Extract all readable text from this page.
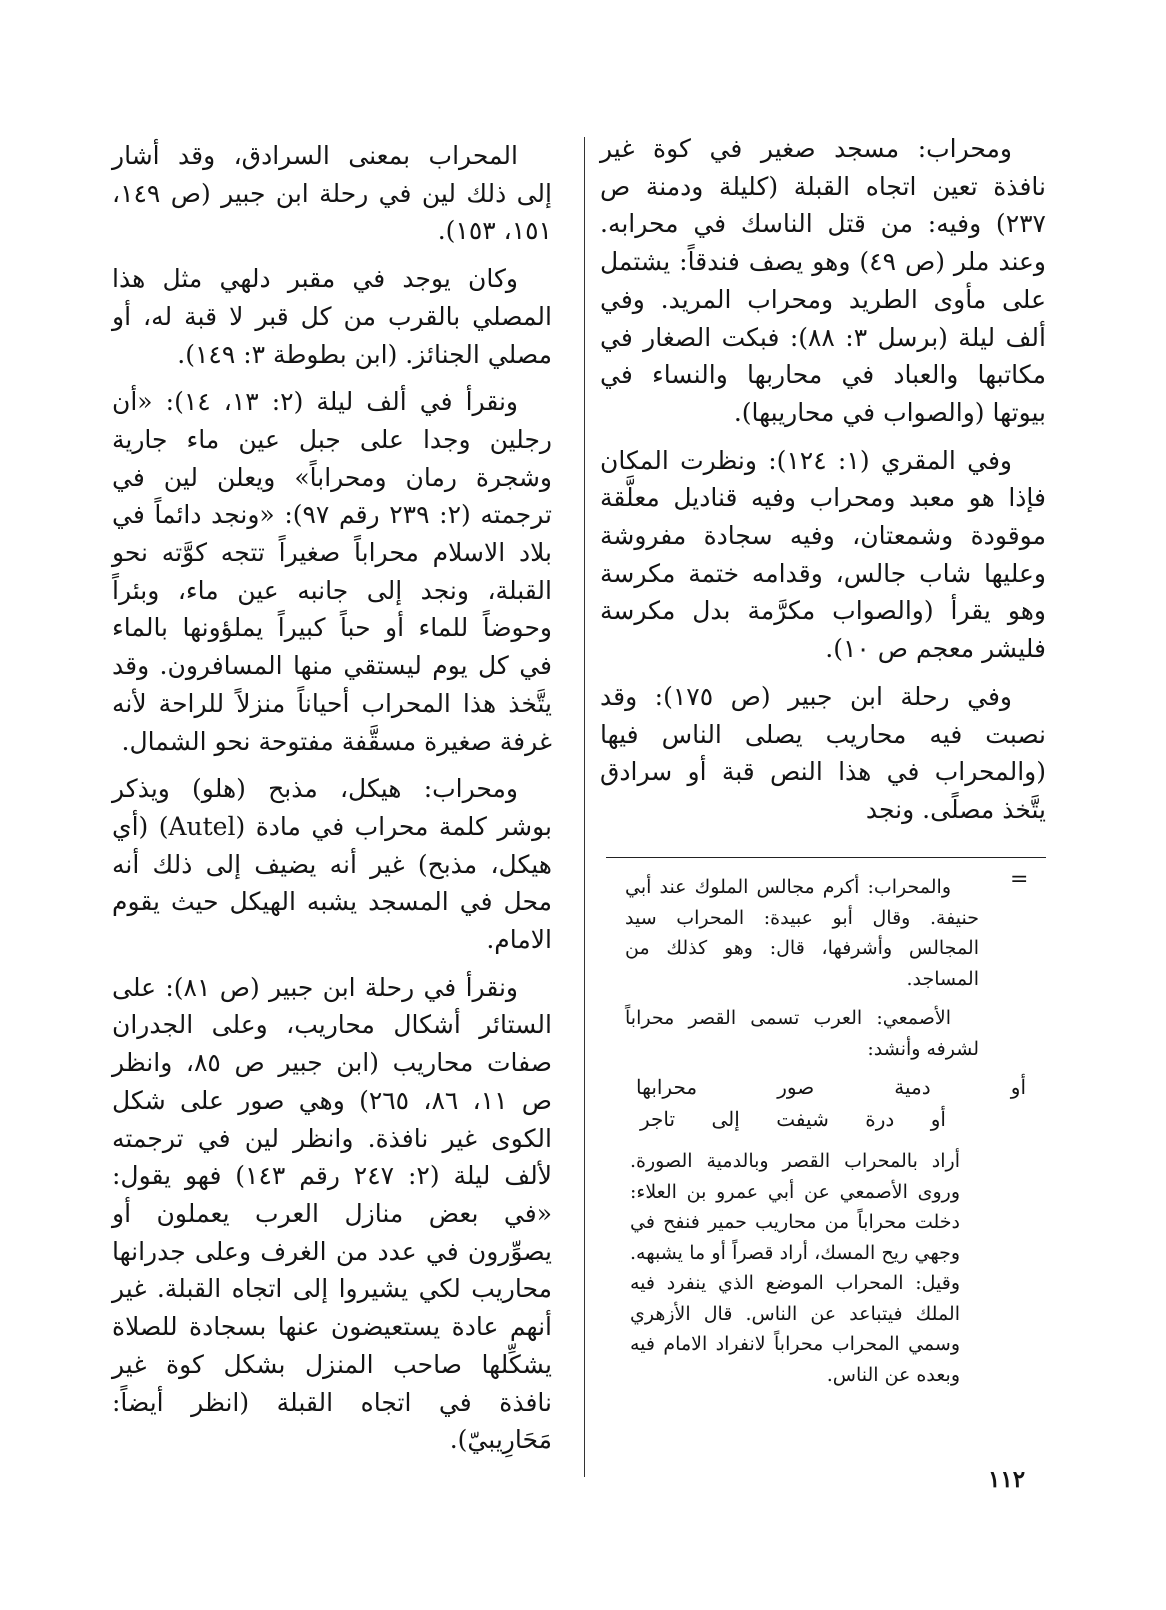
ومحراب: مسجد صغير في كوة غير نافذة تعين اتجاه القبلة (كليلة ودمنة ص ٢٣٧) وفيه: من قتل الناسك في محرابه. وعند ملر (ص ٤٩) وهو يصف فندقاً: يشتمل على مأوى الطريد ومحراب المريد. وفي ألف ليلة (برسل ٣: ٨٨): فبكت الصغار في مكاتبها والعباد في محاربها والنساء في بيوتها (والصواب في محاريبها).

وفي المقري (١: ١٢٤): ونظرت المكان فإذا هو معبد ومحراب وفيه قناديل معلَّقة موقودة وشمعتان، وفيه سجادة مفروشة وعليها شاب جالس، وقدامه ختمة مكرسة وهو يقرأ (والصواب مكرَّمة بدل مكرسة فليشر معجم ص ١٠).

وفي رحلة ابن جبير (ص ١٧٥): وقد نصبت فيه محاريب يصلى الناس فيها (والمحراب في هذا النص قبة أو سرادق يتَّخذ مصلًى. ونجد

المحراب بمعنى السرادق، وقد أشار إلى ذلك لين في رحلة ابن جبير (ص ١٤٩، ١٥١، ١٥٣).

وكان يوجد في مقبر دلهي مثل هذا المصلي بالقرب من كل قبر لا قبة له، أو مصلي الجنائز. (ابن بطوطة ٣: ١٤٩).

ونقرأ في ألف ليلة (٢: ١٣، ١٤): «أن رجلين وجدا على جبل عين ماء جارية وشجرة رمان ومحراباً» ويعلن لين في ترجمته (٢: ٢٣٩ رقم ٩٧): «ونجد دائماً في بلاد الاسلام محراباً صغيراً تتجه كوَّته نحو القبلة، ونجد إلى جانبه عين ماء، وبئراً وحوضاً للماء أو حباً كبيراً يملؤونها بالماء في كل يوم ليستقي منها المسافرون. وقد يتَّخذ هذا المحراب أحياناً منزلاً للراحة لأنه غرفة صغيرة مسقَّفة مفتوحة نحو الشمال.

ومحراب: هيكل، مذبح (هلو) ويذكر بوشر كلمة محراب في مادة (Autel) (أي هيكل، مذبح) غير أنه يضيف إلى ذلك أنه محل في المسجد يشبه الهيكل حيث يقوم الامام.

ونقرأ في رحلة ابن جبير (ص ٨١): على الستائر أشكال محاريب، وعلى الجدران صفات محاريب (ابن جبير ص ٨٥، وانظر ص ١١، ٨٦، ٢٦٥) وهي صور على شكل الكوى غير نافذة. وانظر لين في ترجمته لألف ليلة (٢: ٢٤٧ رقم ١٤٣) فهو يقول: «في بعض منازل العرب يعملون أو يصوِّرون في عدد من الغرف وعلى جدرانها محاريب لكي يشيروا إلى اتجاه القبلة. غير أنهم عادة يستعيضون عنها بسجادة للصلاة يشكِّلها صاحب المنزل بشكل كوة غير نافذة في اتجاه القبلة (انظر أيضاً: مَحَارِيبيّ).

=

والمحراب: أكرم مجالس الملوك عند أبي حنيفة. وقال أبو عبيدة: المحراب سيد المجالس وأشرفها، قال: وهو كذلك من المساجد.

الأصمعي: العرب تسمى القصر محراباً لشرفه وأنشد:

أو دمية صور محرابها
أو درة شيفت إلى تاجر

أراد بالمحراب القصر وبالدمية الصورة. وروى الأصمعي عن أبي عمرو بن العلاء: دخلت محراباً من محاريب حمير فنفح في وجهي ريح المسك، أراد قصراً أو ما يشبهه. وقيل: المحراب الموضع الذي ينفرد فيه الملك فيتباعد عن الناس. قال الأزهري وسمي المحراب محراباً لانفراد الامام فيه وبعده عن الناس.

١١٢
